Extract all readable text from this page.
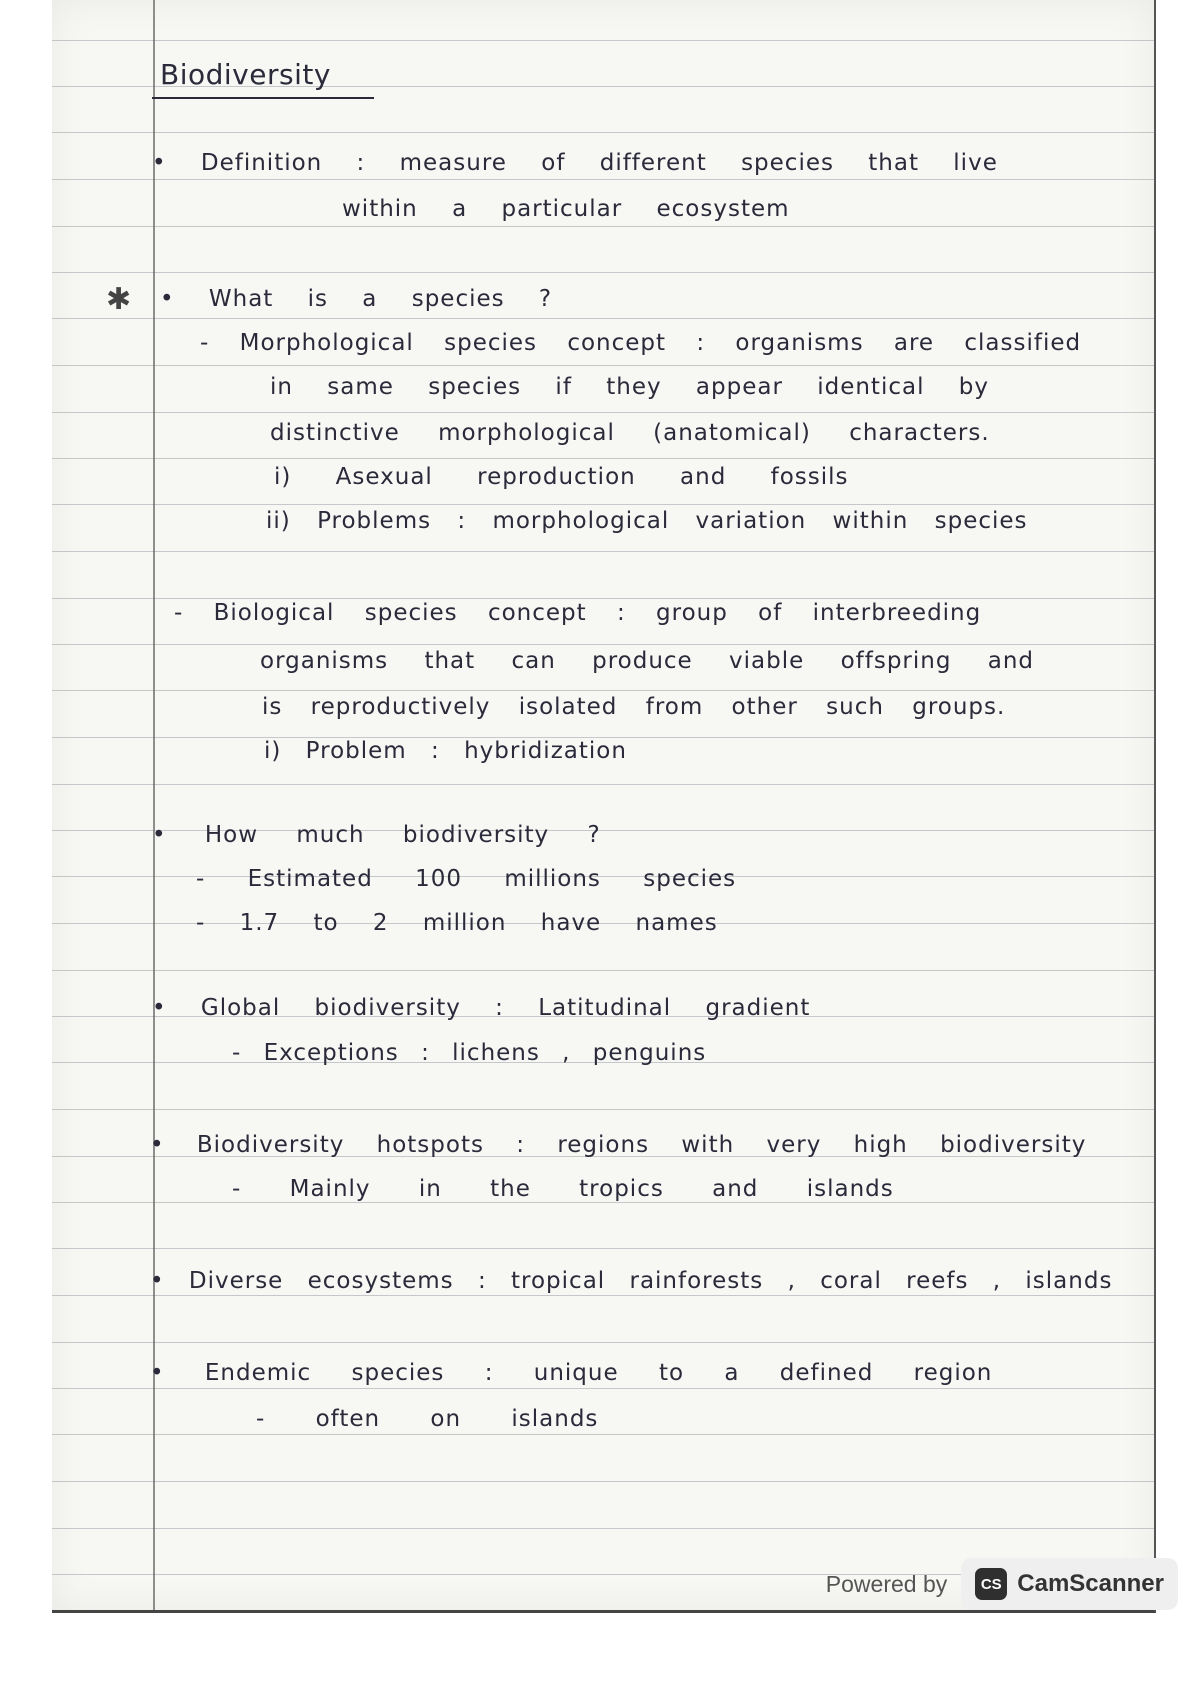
Biodiversity
✱
• Definition : measure of different species that live
within a particular ecosystem
• What is a species ?
- Morphological species concept : organisms are classified
in same species if they appear identical by
distinctive morphological (anatomical) characters.
i) Asexual reproduction and fossils
ii) Problems : morphological variation within species
- Biological species concept : group of interbreeding
organisms that can produce viable offspring and
is reproductively isolated from other such groups.
i) Problem : hybridization
• How much biodiversity ?
- Estimated 100 millions species
- 1.7 to 2 million have names
• Global biodiversity : Latitudinal gradient
- Exceptions : lichens , penguins
• Biodiversity hotspots : regions with very high biodiversity
- Mainly in the tropics and islands
• Diverse ecosystems : tropical rainforests , coral reefs , islands
• Endemic species : unique to a defined region
- often on islands
Powered by	CS CamScanner
